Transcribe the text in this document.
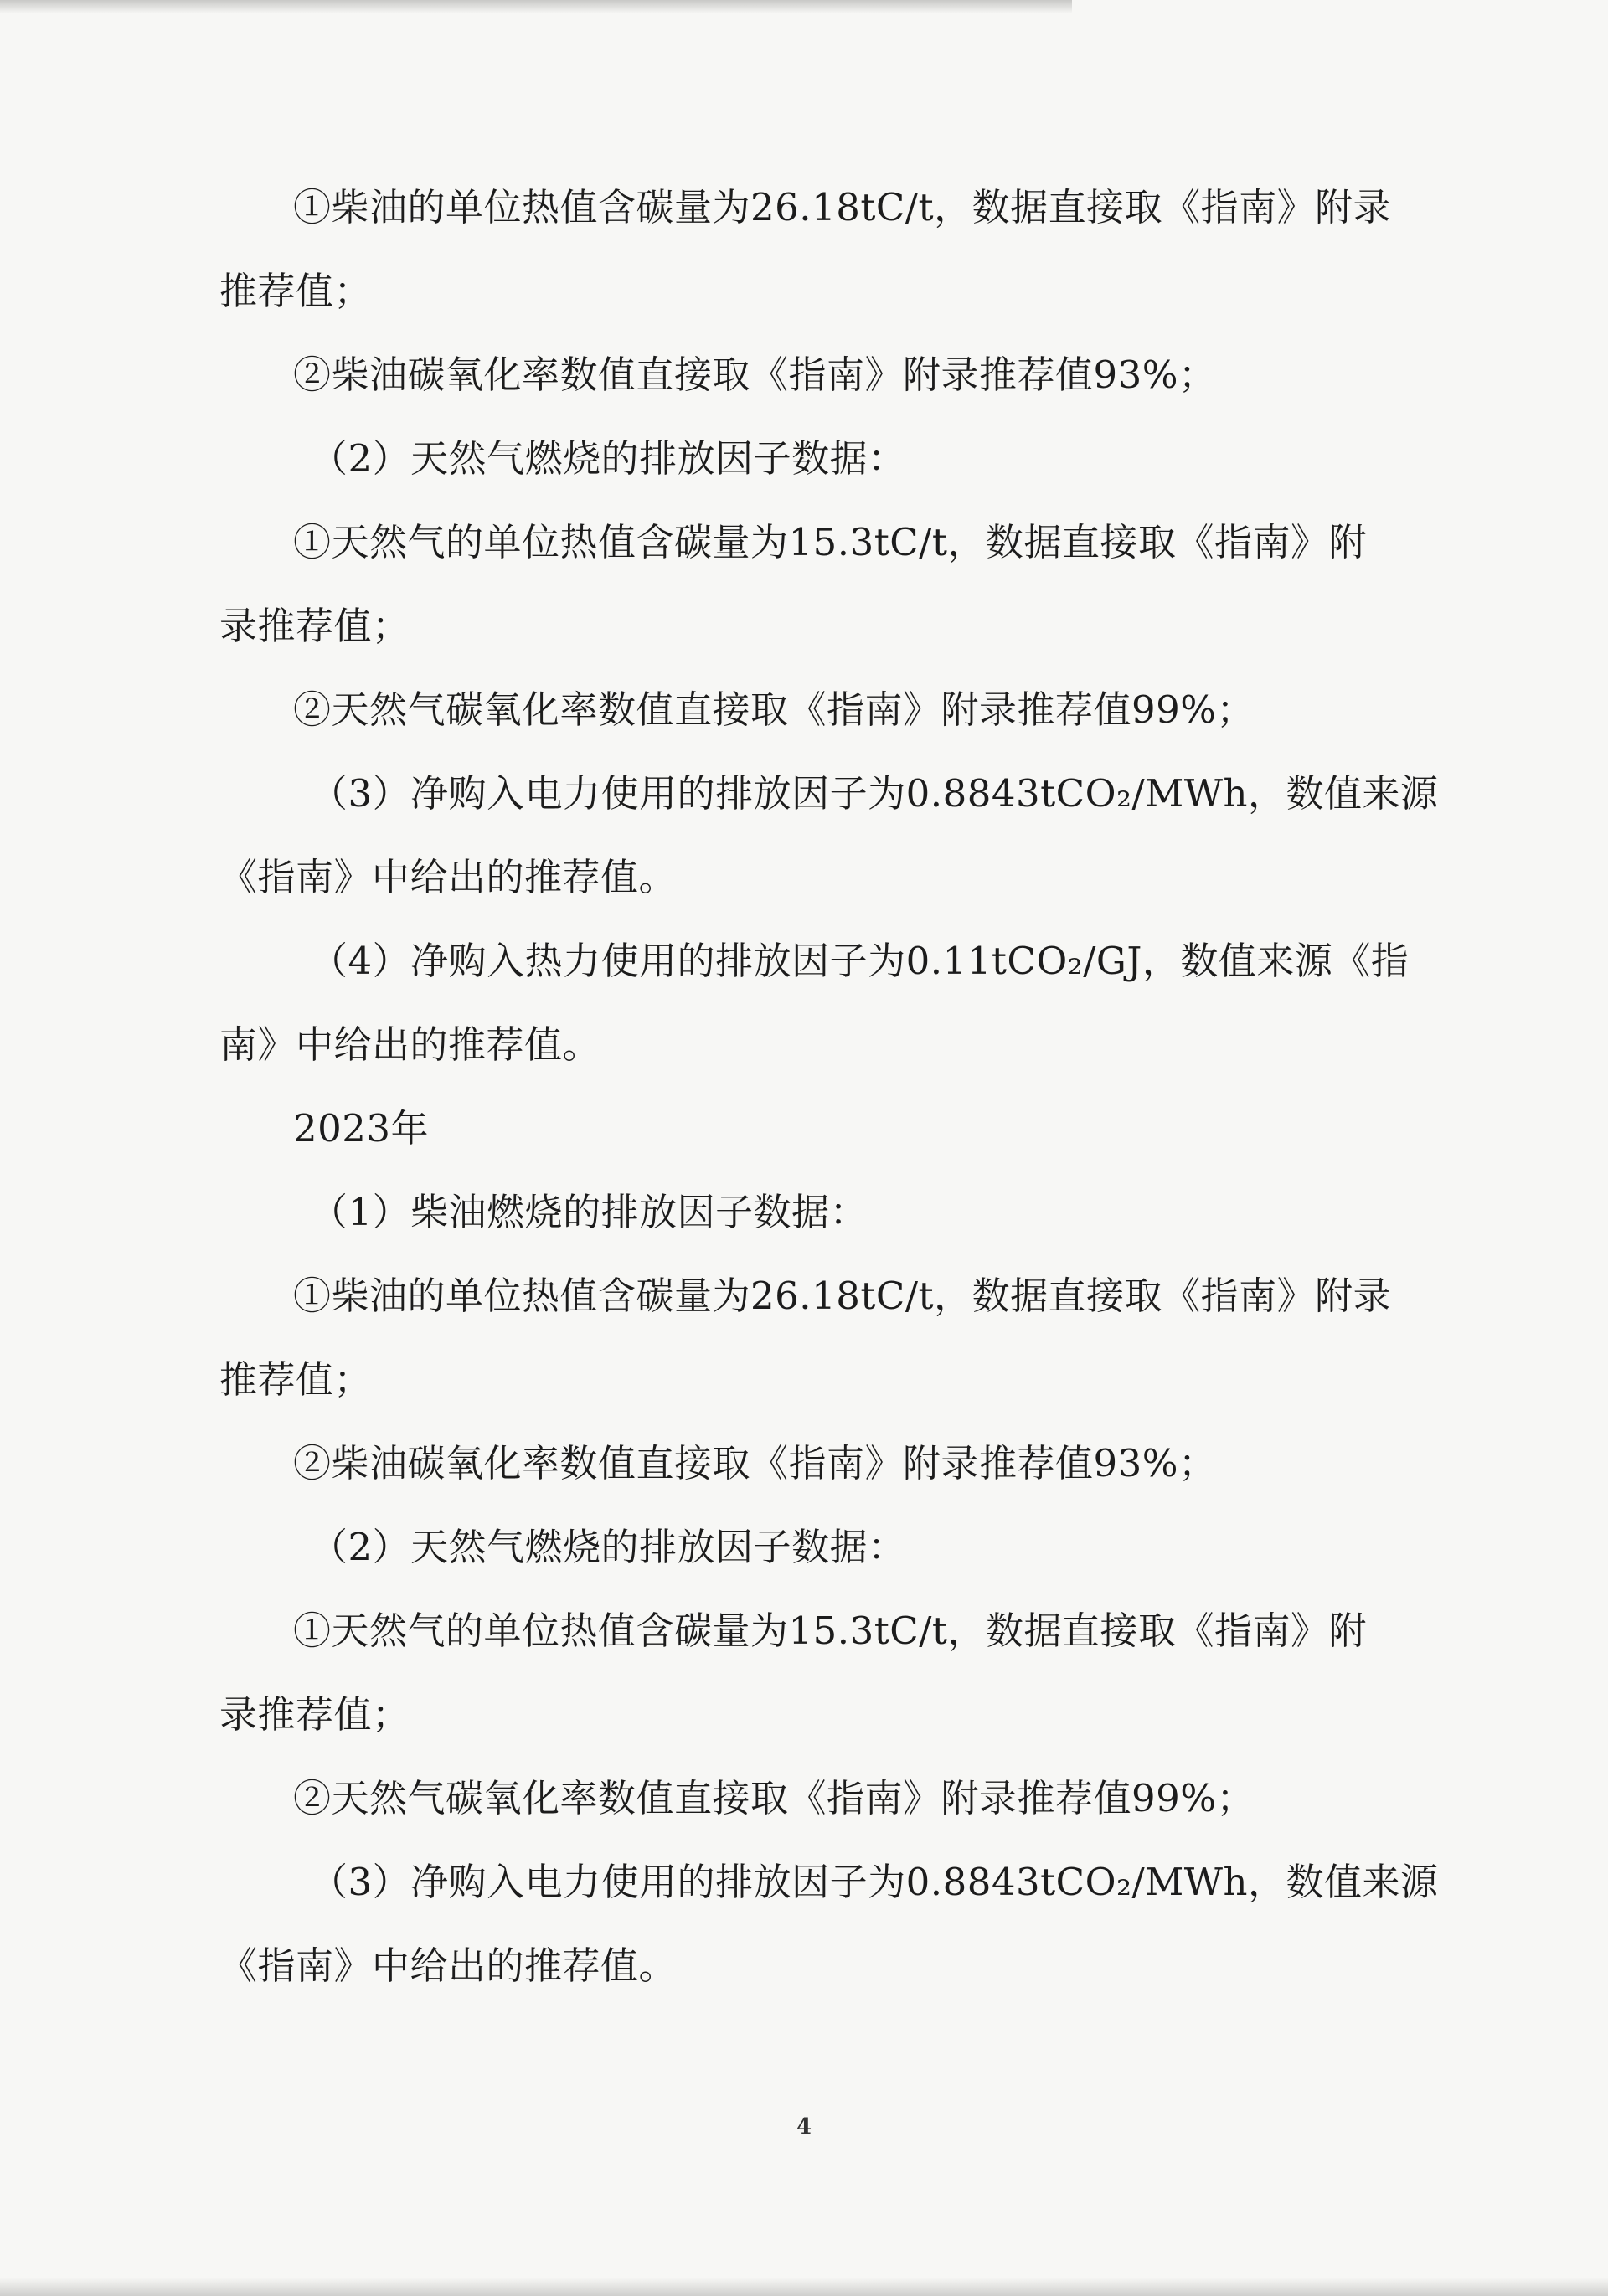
①柴油的单位热值含碳量为26.18tC/t，数据直接取《指南》附录

推荐值；

②柴油碳氧化率数值直接取《指南》附录推荐值93%；

（2）天然气燃烧的排放因子数据：

①天然气的单位热值含碳量为15.3tC/t，数据直接取《指南》附

录推荐值；

②天然气碳氧化率数值直接取《指南》附录推荐值99%；

（3）净购入电力使用的排放因子为0.8843tCO₂/MWh，数值来源

《指南》中给出的推荐值。

（4）净购入热力使用的排放因子为0.11tCO₂/GJ，数值来源《指

南》中给出的推荐值。

2023年

（1）柴油燃烧的排放因子数据：

①柴油的单位热值含碳量为26.18tC/t，数据直接取《指南》附录

推荐值；

②柴油碳氧化率数值直接取《指南》附录推荐值93%；

（2）天然气燃烧的排放因子数据：

①天然气的单位热值含碳量为15.3tC/t，数据直接取《指南》附

录推荐值；

②天然气碳氧化率数值直接取《指南》附录推荐值99%；

（3）净购入电力使用的排放因子为0.8843tCO₂/MWh，数值来源

《指南》中给出的推荐值。

4
